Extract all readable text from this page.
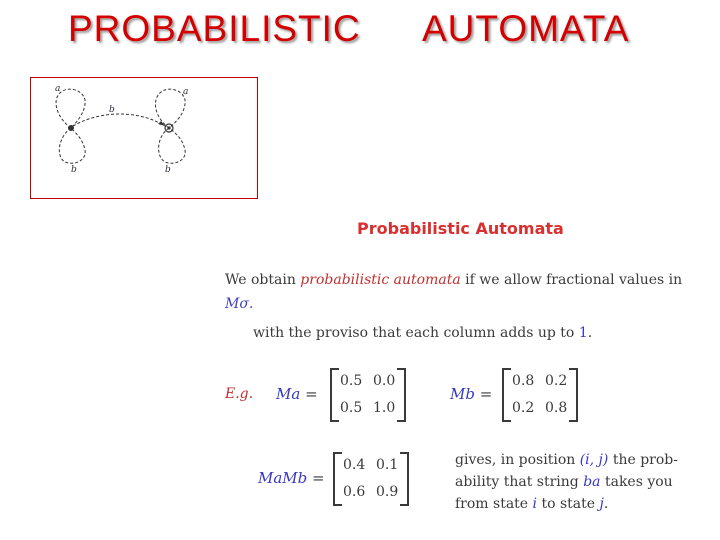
PROBABILISTIC AUTOMATA
a	a
b
b	b
Probabilistic Automata
We obtain probabilistic automata if we allow fractional values in
Mσ.
with the proviso that each column adds up to 1.
E.g. Ma =
0.5 0.0
0.5 1.0
Mb =
0.8 0.2
0.2 0.8
MaMb =
0.4 0.1
0.6 0.9
gives, in position (i, j) the prob-
ability that string ba takes you
from state i to state j.
